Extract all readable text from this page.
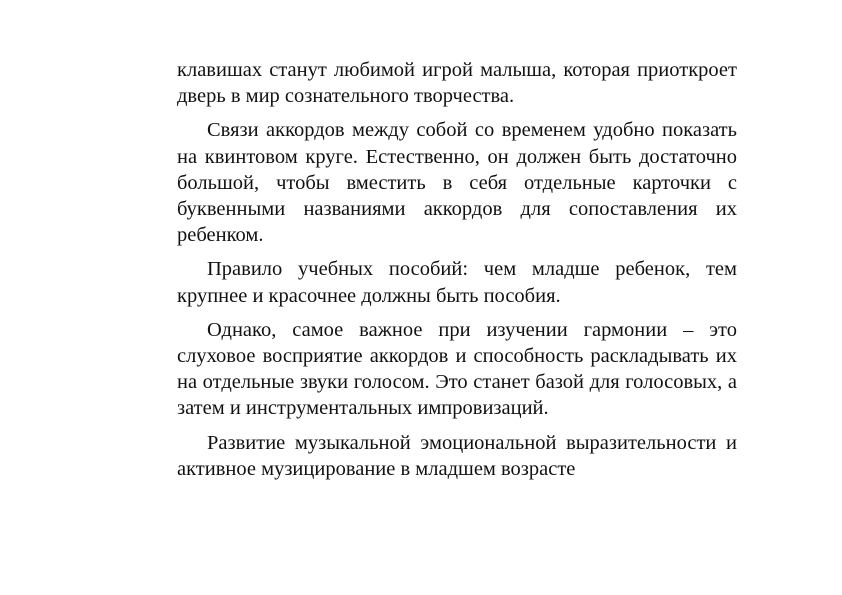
клавишах станут любимой игрой малыша, которая приоткроет дверь в мир сознательного творчества.

Связи аккордов между собой со временем удобно показать на квинтовом круге. Естественно, он должен быть достаточно большой, чтобы вместить в себя отдельные карточки с буквенными названиями аккордов для сопоставления их ребенком.

Правило учебных пособий: чем младше ребенок, тем крупнее и красочнее должны быть пособия.

Однако, самое важное при изучении гармонии – это слуховое восприятие аккордов и способность раскладывать их на отдельные звуки голосом. Это станет базой для голосовых, а затем и инструментальных импровизаций.

Развитие музыкальной эмоциональной выразительности и активное музицирование в младшем возрасте
